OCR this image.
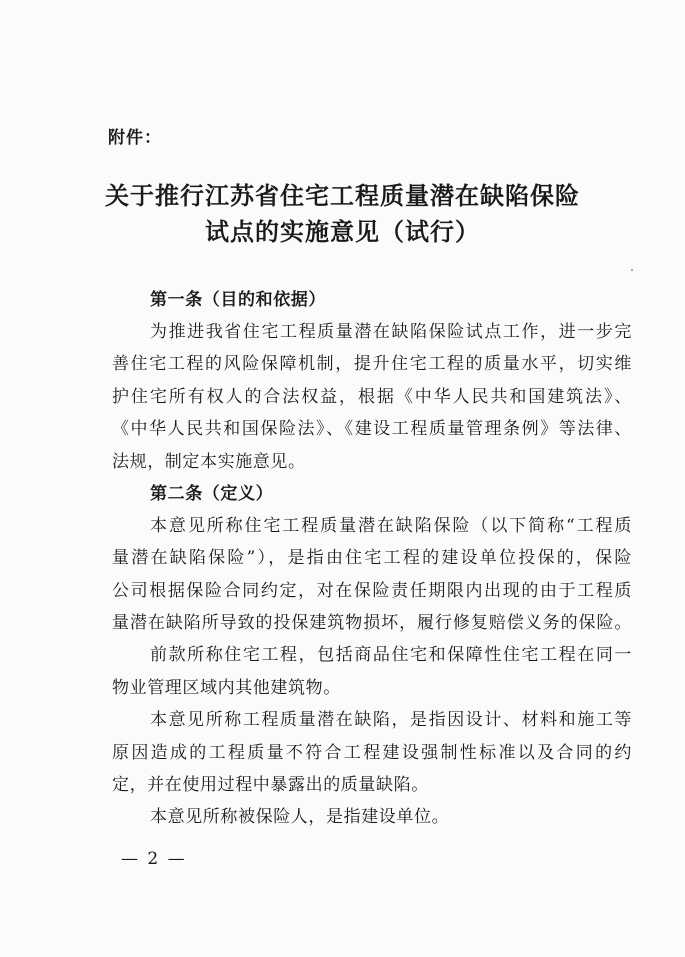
附件：
关于推行江苏省住宅工程质量潜在缺陷保险
试点的实施意见（试行）
第一条（目的和依据）
为推进我省住宅工程质量潜在缺陷保险试点工作，进一步完
善住宅工程的风险保障机制，提升住宅工程的质量水平，切实维
护住宅所有权人的合法权益，根据《中华人民共和国建筑法》、
《中华人民共和国保险法》、《建设工程质量管理条例》等法律、
法规，制定本实施意见。
第二条（定义）
本意见所称住宅工程质量潜在缺陷保险（以下简称“工程质
量潜在缺陷保险”），是指由住宅工程的建设单位投保的，保险
公司根据保险合同约定，对在保险责任期限内出现的由于工程质
量潜在缺陷所导致的投保建筑物损坏，履行修复赔偿义务的保险。
前款所称住宅工程，包括商品住宅和保障性住宅工程在同一
物业管理区域内其他建筑物。
本意见所称工程质量潜在缺陷，是指因设计、材料和施工等
原因造成的工程质量不符合工程建设强制性标准以及合同的约
定，并在使用过程中暴露出的质量缺陷。
本意见所称被保险人，是指建设单位。
— 2 —
